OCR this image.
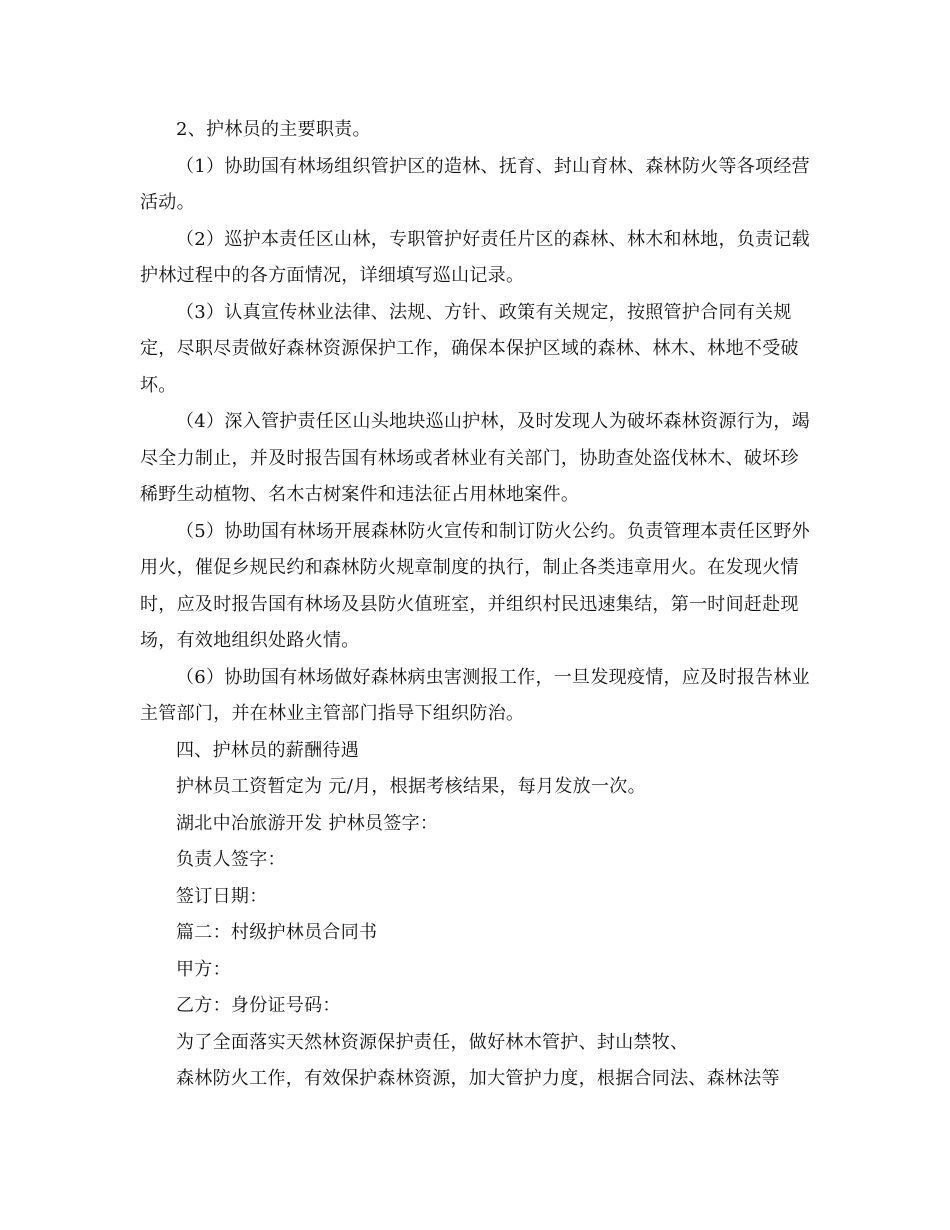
2、护林员的主要职责。

（1）协助国有林场组织管护区的造林、抚育、封山育林、森林防火等各项经营活动。

（2）巡护本责任区山林，专职管护好责任片区的森林、林木和林地，负责记载护林过程中的各方面情况，详细填写巡山记录。

（3）认真宣传林业法律、法规、方针、政策有关规定，按照管护合同有关规定，尽职尽责做好森林资源保护工作，确保本保护区域的森林、林木、林地不受破坏。

（4）深入管护责任区山头地块巡山护林，及时发现人为破坏森林资源行为，竭尽全力制止，并及时报告国有林场或者林业有关部门，协助查处盗伐林木、破坏珍稀野生动植物、名木古树案件和违法征占用林地案件。

（5）协助国有林场开展森林防火宣传和制订防火公约。负责管理本责任区野外用火，催促乡规民约和森林防火规章制度的执行，制止各类违章用火。在发现火情时，应及时报告国有林场及县防火值班室，并组织村民迅速集结，第一时间赶赴现场，有效地组织处路火情。

（6）协助国有林场做好森林病虫害测报工作，一旦发现疫情，应及时报告林业主管部门，并在林业主管部门指导下组织防治。

四、护林员的薪酬待遇

护林员工资暂定为 元/月，根据考核结果，每月发放一次。

湖北中冶旅游开发 护林员签字：

负责人签字：

签订日期：

篇二：村级护林员合同书

甲方：

乙方：身份证号码：

为了全面落实天然林资源保护责任，做好林木管护、封山禁牧、

森林防火工作，有效保护森林资源，加大管护力度，根据合同法、森林法等
